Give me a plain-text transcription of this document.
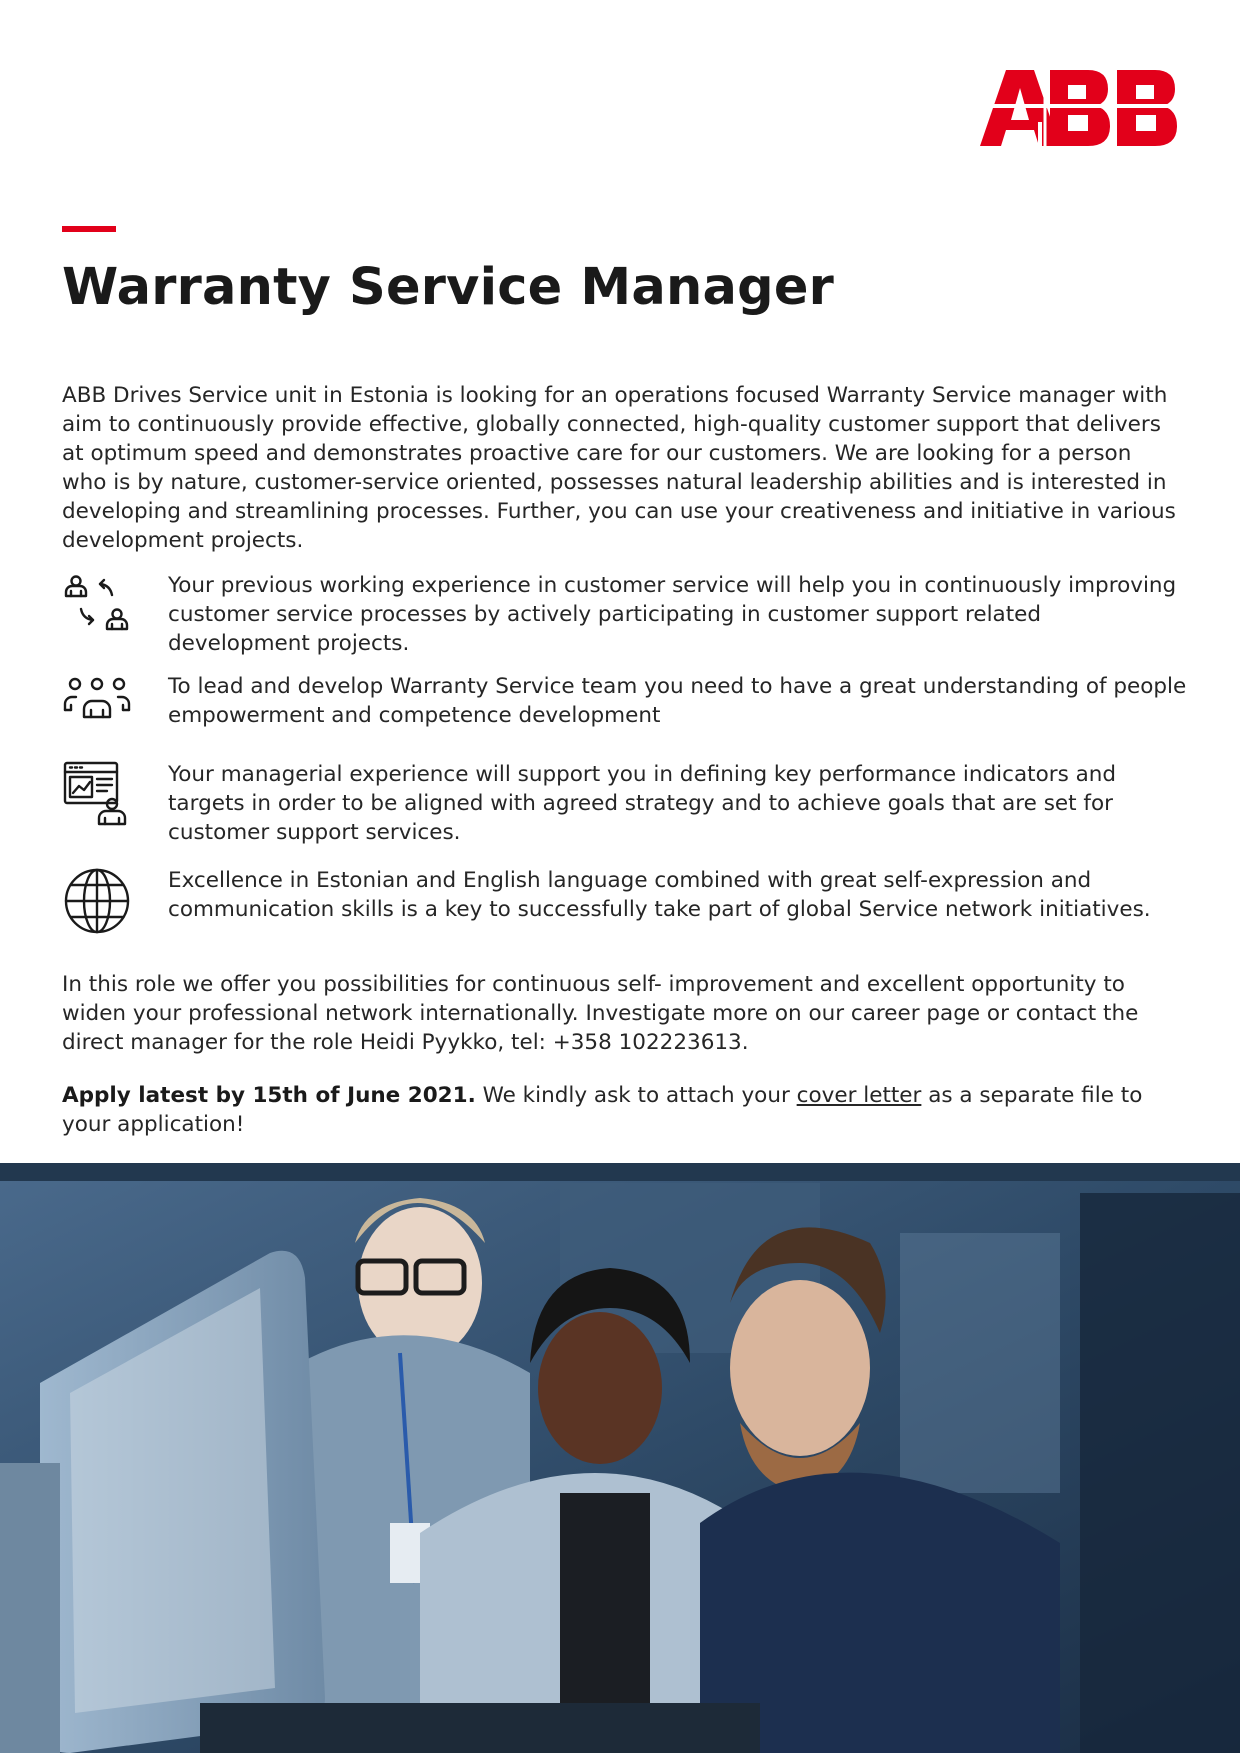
Warranty Service Manager

ABB Drives Service unit in Estonia is looking for an operations focused Warranty Service manager with aim to continuously provide effective, globally connected, high-quality customer support that delivers at optimum speed and demonstrates proactive care for our customers. We are looking for a person who is by nature, customer-service oriented, possesses natural leadership abilities and is interested in developing and streamlining processes. Further, you can use your creativeness and initiative in various development projects.

Your previous working experience in customer service will help you in continuously improving customer service processes by actively participating in customer support related development projects.

To lead and develop Warranty Service team you need to have a great understanding of people empowerment and competence development

Your managerial experience will support you in defining key performance indicators and targets in order to be aligned with agreed strategy and to achieve goals that are set for customer support services.

Excellence in Estonian and English language combined with great self-expression and communication skills is a key to successfully take part of global Service network initiatives.

In this role we offer you possibilities for continuous self- improvement and excellent opportunity to widen your professional network internationally. Investigate more on our career page or contact the direct manager for the role Heidi Pyykko, tel: +358 102223613.

Apply latest by 15th of June 2021. We kindly ask to attach your cover letter as a separate file to your application!
